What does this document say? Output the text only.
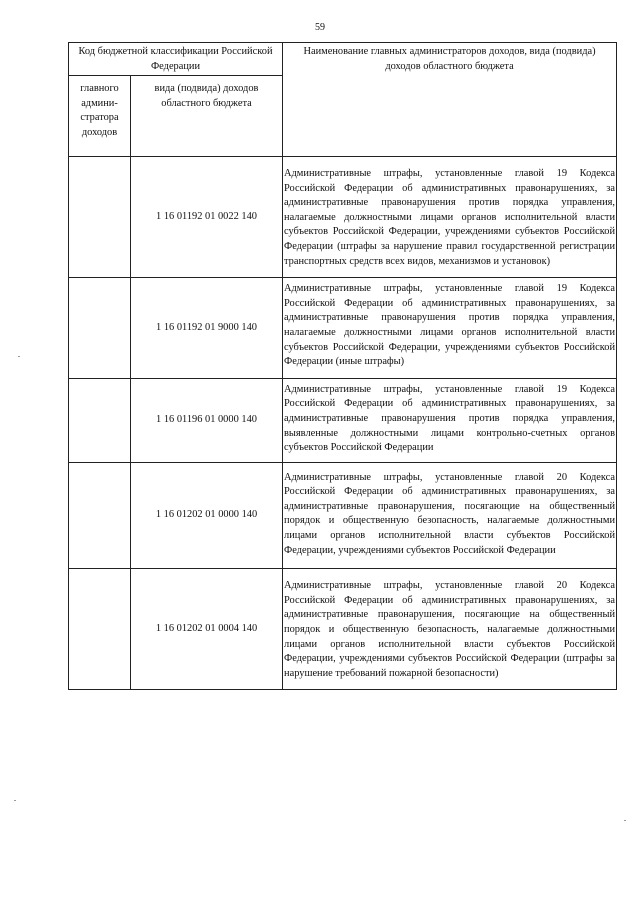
59
Код бюджетной классификации Российской Федерации		Наименование главных администраторов доходов, вида (подвида) доходов областного бюджета
главного админи-стратора доходов	вида (подвида) доходов областного бюджета	
	1 16 01192 01 0022 140	Административные штрафы, установленные главой 19 Кодекса Российской Федерации об административных правонарушениях, за административные правонарушения против порядка управления, налагаемые должностными лицами органов исполнительной власти субъектов Российской Федерации, учреждениями субъектов Российской Федерации (штрафы за нарушение правил государственной регистрации транспортных средств всех видов, механизмов и установок)

	1 16 01192 01 9000 140	Административные штрафы, установленные главой 19 Кодекса Российской Федерации об административных правонарушениях, за административные правонарушения против порядка управления, налагаемые должностными лицами органов исполнительной власти субъектов Российской Федерации, учреждениями субъектов Российской Федерации (иные штрафы)

	1 16 01196 01 0000 140	Административные штрафы, установленные главой 19 Кодекса Российской Федерации об административных правонарушениях, за административные правонарушения против порядка управления, выявленные должностными лицами контрольно-счетных органов субъектов Российской Федерации

	1 16 01202 01 0000 140	Административные штрафы, установленные главой 20 Кодекса Российской Федерации об административных правонарушениях, за административные правонарушения, посягающие на общественный порядок и общественную безопасность, налагаемые должностными лицами органов исполнительной власти субъектов Российской Федерации, учреждениями субъектов Российской Федерации

	1 16 01202 01 0004 140	Административные штрафы, установленные главой 20 Кодекса Российской Федерации об административных правонарушениях, за административные правонарушения, посягающие на общественный порядок и общественную безопасность, налагаемые должностными лицами органов исполнительной власти субъектов Российской Федерации, учреждениями субъектов Российской Федерации (штрафы за нарушение требований пожарной безопасности)
